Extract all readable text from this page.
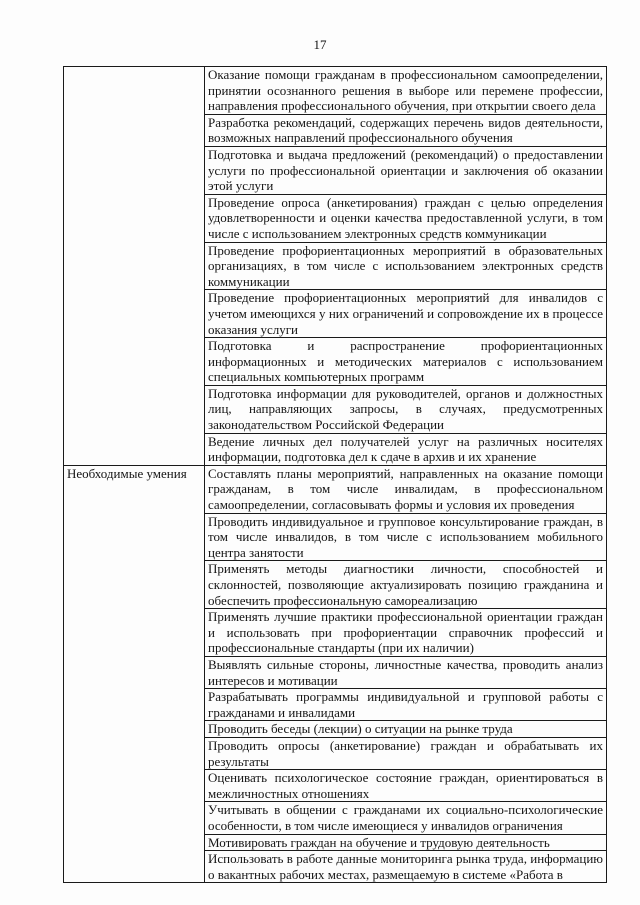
17
	Оказание помощи гражданам в профессиональном самоопределении, принятии осознанного решения в выборе или перемене профессии, направления профессионального обучения, при открытии своего дела
	Разработка рекомендаций, содержащих перечень видов деятельности, возможных направлений профессионального обучения
	Подготовка и выдача предложений (рекомендаций) о предоставлении услуги по профессиональной ориентации и заключения об оказании этой услуги
	Проведение опроса (анкетирования) граждан с целью определения удовлетворенности и оценки качества предоставленной услуги, в том числе с использованием электронных средств коммуникации
	Проведение профориентационных мероприятий в образовательных организациях, в том числе с использованием электронных средств коммуникации
	Проведение профориентационных мероприятий для инвалидов с учетом имеющихся у них ограничений и сопровождение их в процессе оказания услуги
	Подготовка и распространение профориентационных информационных и методических материалов с использованием специальных компьютерных программ
	Подготовка информации для руководителей, органов и должностных лиц, направляющих запросы, в случаях, предусмотренных законодательством Российской Федерации
	Ведение личных дел получателей услуг на различных носителях информации, подготовка дел к сдаче в архив и их хранение
Необходимые умения	Составлять планы мероприятий, направленных на оказание помощи гражданам, в том числе инвалидам, в профессиональном самоопределении, согласовывать формы и условия их проведения
	Проводить индивидуальное и групповое консультирование граждан, в том числе инвалидов, в том числе с использованием мобильного центра занятости
	Применять методы диагностики личности, способностей и склонностей, позволяющие актуализировать позицию гражданина и обеспечить профессиональную самореализацию
	Применять лучшие практики профессиональной ориентации граждан и использовать при профориентации справочник профессий и профессиональные стандарты (при их наличии)
	Выявлять сильные стороны, личностные качества, проводить анализ интересов и мотивации
	Разрабатывать программы индивидуальной и групповой работы с гражданами и инвалидами
	Проводить беседы (лекции) о ситуации на рынке труда
	Проводить опросы (анкетирование) граждан и обрабатывать их результаты
	Оценивать психологическое состояние граждан, ориентироваться в межличностных отношениях
	Учитывать в общении с гражданами их социально-психологические особенности, в том числе имеющиеся у инвалидов ограничения
	Мотивировать граждан на обучение и трудовую деятельность
	Использовать в работе данные мониторинга рынка труда, информацию о вакантных рабочих местах, размещаемую в системе «Работа в
